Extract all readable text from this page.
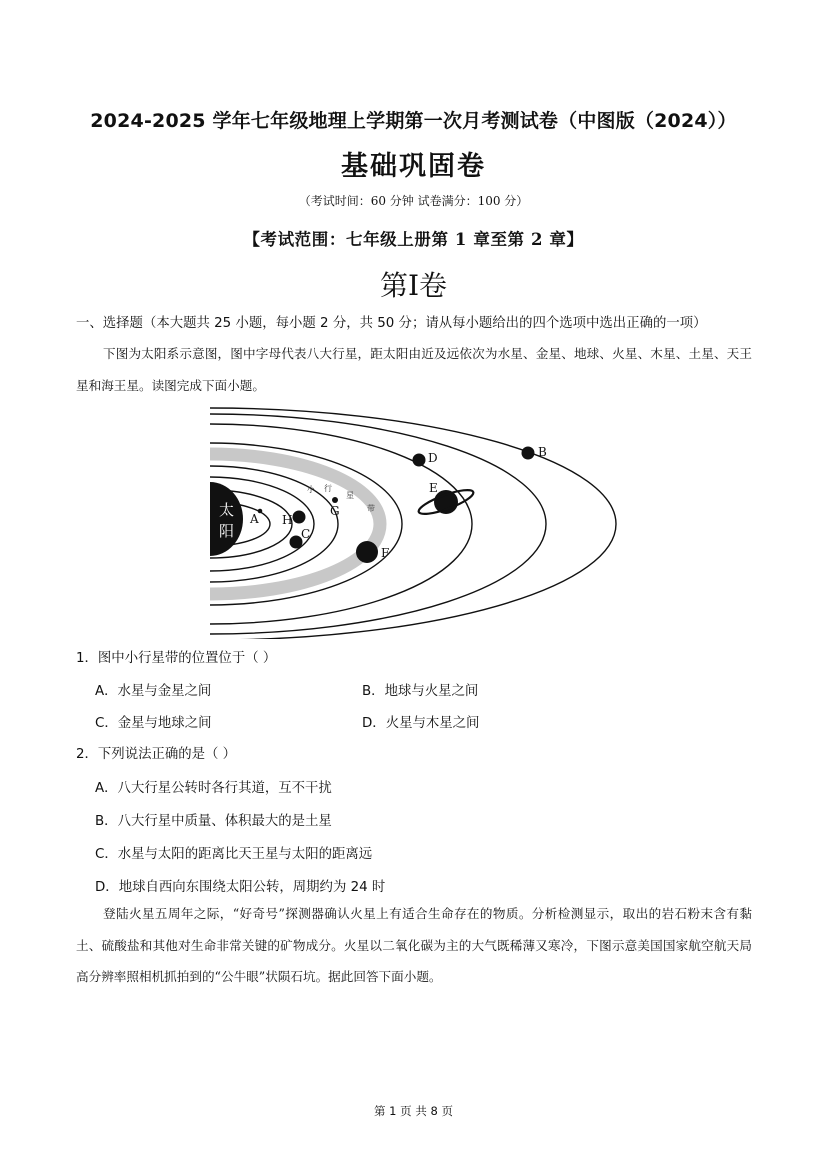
2024-2025 学年七年级地理上学期第一次月考测试卷（中图版（2024））
基础巩固卷
（考试时间：60 分钟 试卷满分：100 分）
【考试范围：七年级上册第 1 章至第 2 章】
第I卷
一、选择题（本大题共 25 小题，每小题 2 分，共 50 分；请从每小题给出的四个选项中选出正确的一项）
下图为太阳系示意图，图中字母代表八大行星，距太阳由近及远依次为水星、金星、地球、火星、木星、土星、天王星和海王星。读图完成下面小题。
太
阳
小 行
星
带
A H
C
G
F
E
D	B
1．图中小行星带的位置位于（ ）
A．水星与金星之间	B．地球与火星之间
C．金星与地球之间	D．火星与木星之间
2．下列说法正确的是（ ）
A．八大行星公转时各行其道，互不干扰
B．八大行星中质量、体积最大的是土星
C．水星与太阳的距离比天王星与太阳的距离远
D．地球自西向东围绕太阳公转，周期约为 24 时
登陆火星五周年之际，“好奇号”探测器确认火星上有适合生命存在的物质。分析检测显示，取出的岩石粉末含有黏土、硫酸盐和其他对生命非常关键的矿物成分。火星以二氧化碳为主的大气既稀薄又寒冷，下图示意美国国家航空航天局高分辨率照相机抓拍到的“公牛眼”状陨石坑。据此回答下面小题。
第 1 页 共 8 页
